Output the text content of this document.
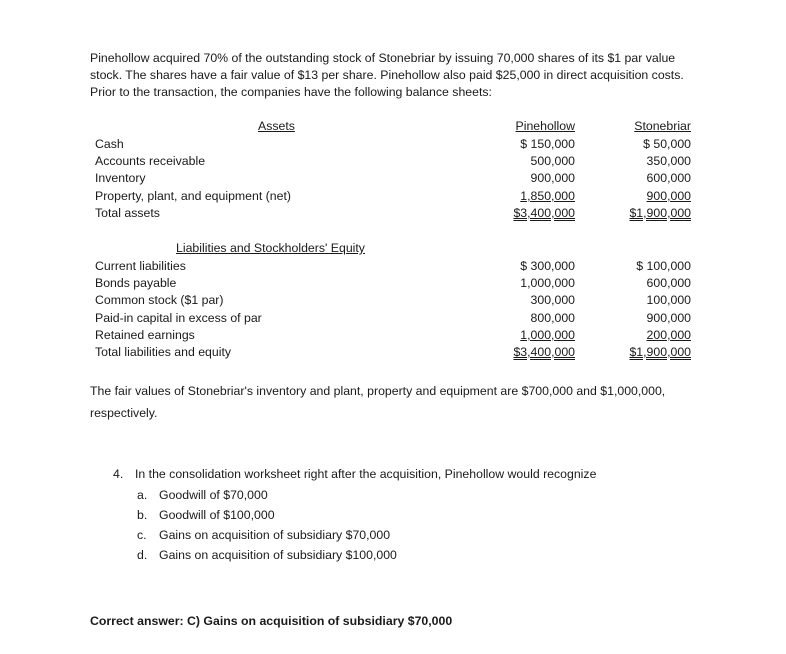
Pinehollow acquired 70% of the outstanding stock of Stonebriar by issuing 70,000 shares of its $1 par value stock. The shares have a fair value of $13 per share. Pinehollow also paid $25,000 in direct acquisition costs. Prior to the transaction, the companies have the following balance sheets:
Assets	Pinehollow	Stonebriar
Cash	$ 150,000	$ 50,000
Accounts receivable	500,000	350,000
Inventory	900,000	600,000
Property, plant, and equipment (net)	1,850,000	900,000
Total assets	$3,400,000	$1,900,000
Liabilities and Stockholders' Equity
Current liabilities	$ 300,000	$ 100,000
Bonds payable	1,000,000	600,000
Common stock ($1 par)	300,000	100,000
Paid-in capital in excess of par	800,000	900,000
Retained earnings	1,000,000	200,000
Total liabilities and equity	$3,400,000	$1,900,000
The fair values of Stonebriar's inventory and plant, property and equipment are $700,000 and $1,000,000, respectively.
4. In the consolidation worksheet right after the acquisition, Pinehollow would recognize
a. Goodwill of $70,000
b. Goodwill of $100,000
c. Gains on acquisition of subsidiary $70,000
d. Gains on acquisition of subsidiary $100,000
Correct answer: C) Gains on acquisition of subsidiary $70,000
